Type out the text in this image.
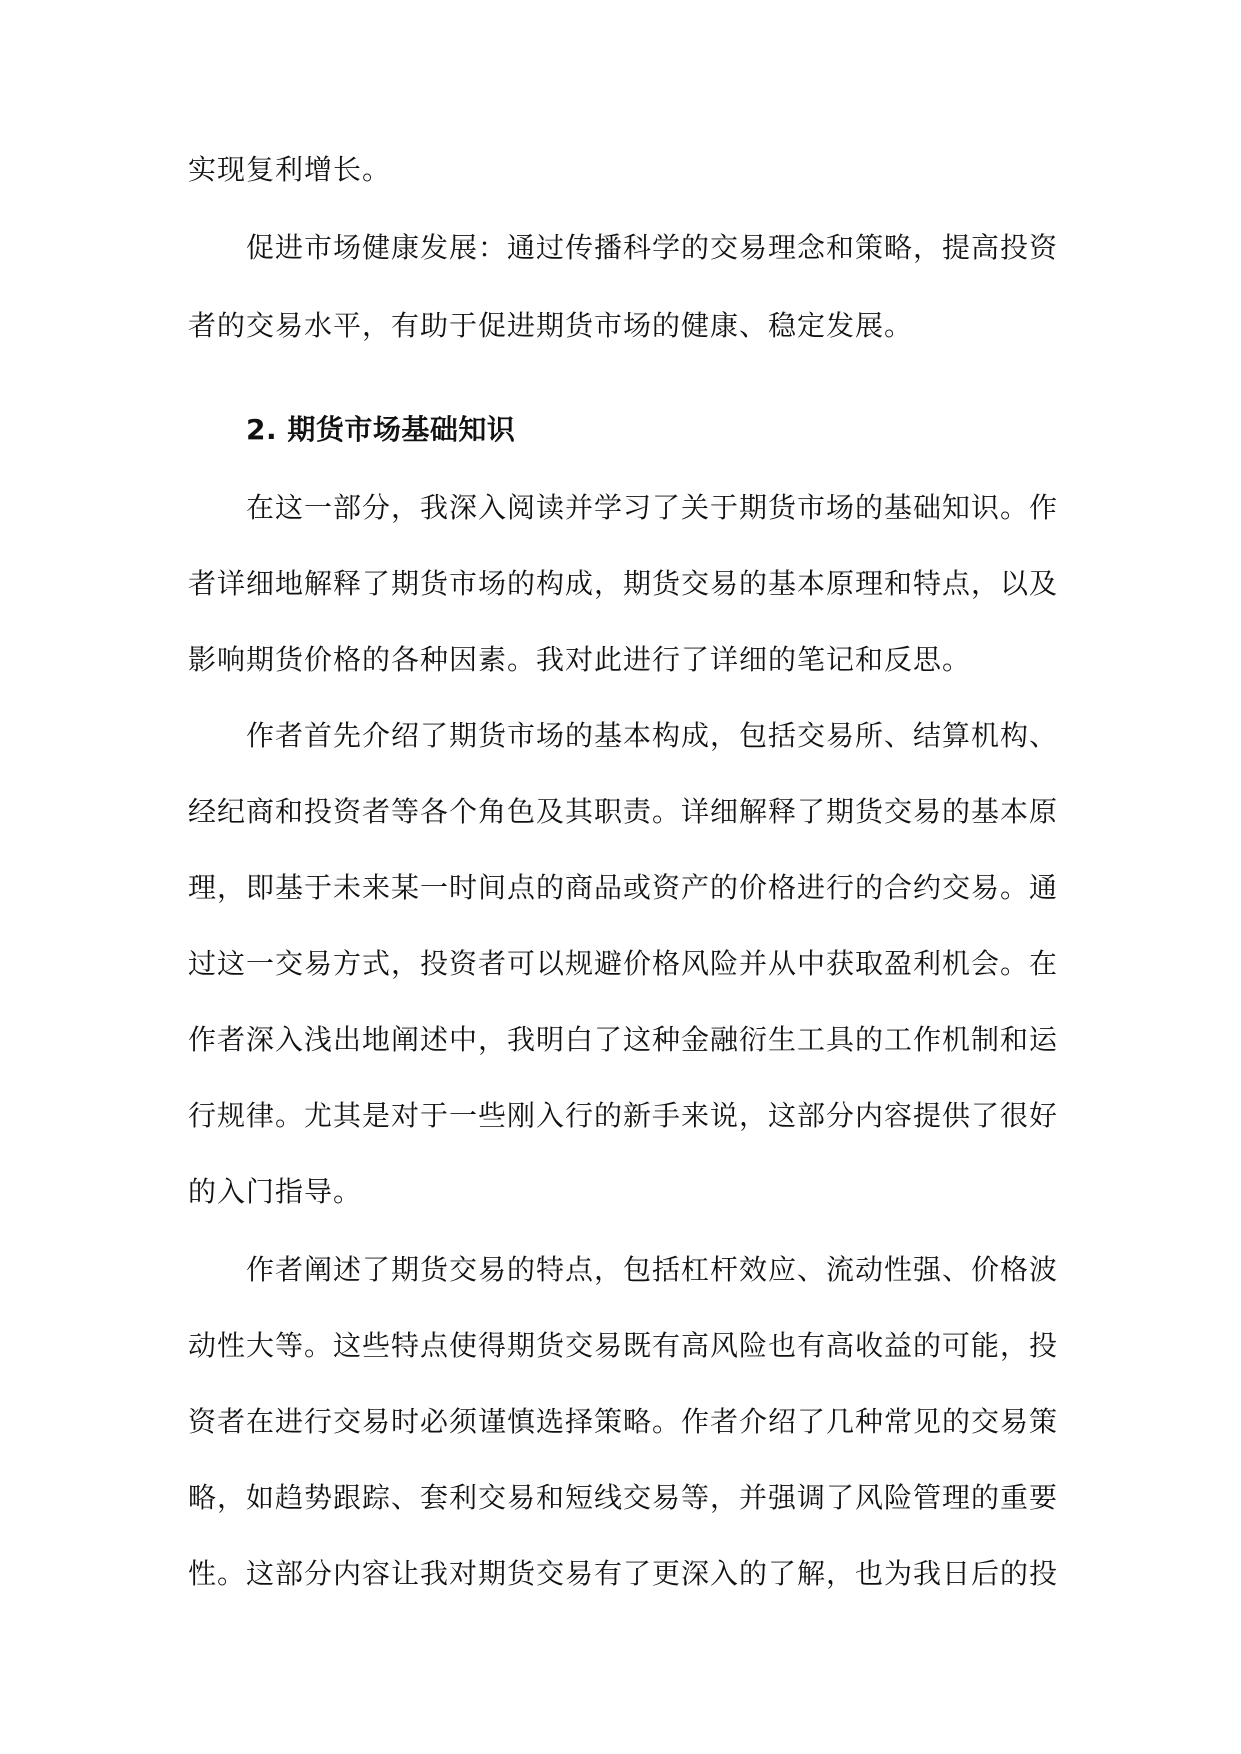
实现复利增长。
促进市场健康发展：通过传播科学的交易理念和策略，提高投资
者的交易水平，有助于促进期货市场的健康、稳定发展。
2. 期货市场基础知识
在这一部分，我深入阅读并学习了关于期货市场的基础知识。作
者详细地解释了期货市场的构成，期货交易的基本原理和特点，以及
影响期货价格的各种因素。我对此进行了详细的笔记和反思。
作者首先介绍了期货市场的基本构成，包括交易所、结算机构、
经纪商和投资者等各个角色及其职责。详细解释了期货交易的基本原
理，即基于未来某一时间点的商品或资产的价格进行的合约交易。通
过这一交易方式，投资者可以规避价格风险并从中获取盈利机会。在
作者深入浅出地阐述中，我明白了这种金融衍生工具的工作机制和运
行规律。尤其是对于一些刚入行的新手来说，这部分内容提供了很好
的入门指导。
作者阐述了期货交易的特点，包括杠杆效应、流动性强、价格波
动性大等。这些特点使得期货交易既有高风险也有高收益的可能，投
资者在进行交易时必须谨慎选择策略。作者介绍了几种常见的交易策
略，如趋势跟踪、套利交易和短线交易等，并强调了风险管理的重要
性。这部分内容让我对期货交易有了更深入的了解，也为我日后的投
